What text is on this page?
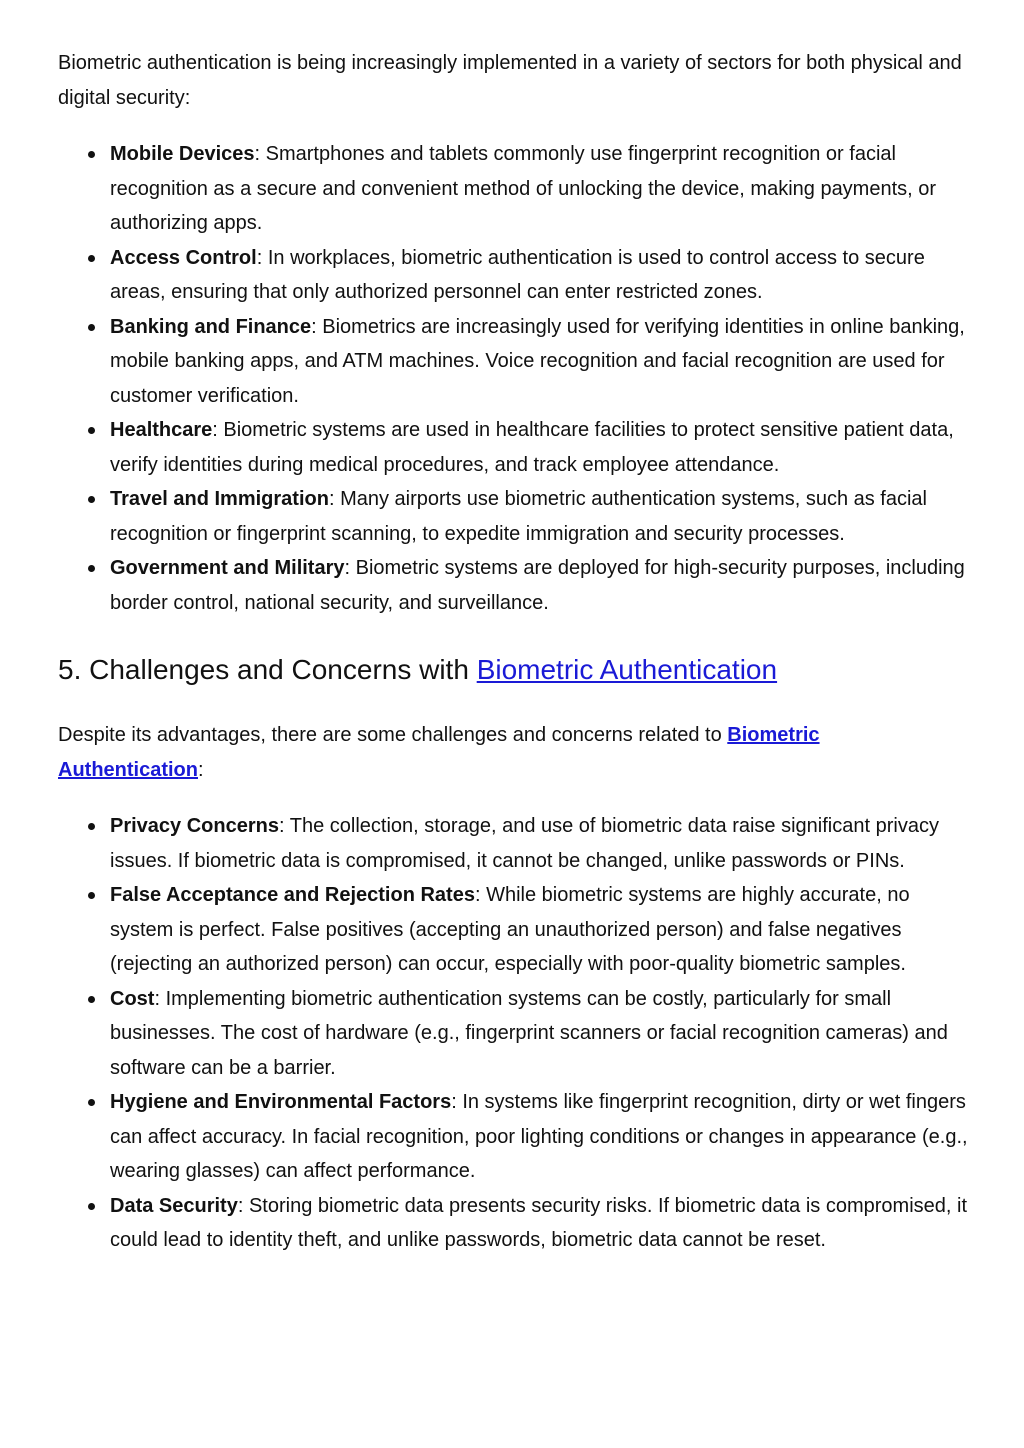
Biometric authentication is being increasingly implemented in a variety of sectors for both physical and digital security:

Mobile Devices: Smartphones and tablets commonly use fingerprint recognition or facial recognition as a secure and convenient method of unlocking the device, making payments, or authorizing apps.
Access Control: In workplaces, biometric authentication is used to control access to secure areas, ensuring that only authorized personnel can enter restricted zones.
Banking and Finance: Biometrics are increasingly used for verifying identities in online banking, mobile banking apps, and ATM machines. Voice recognition and facial recognition are used for customer verification.
Healthcare: Biometric systems are used in healthcare facilities to protect sensitive patient data, verify identities during medical procedures, and track employee attendance.
Travel and Immigration: Many airports use biometric authentication systems, such as facial recognition or fingerprint scanning, to expedite immigration and security processes.
Government and Military: Biometric systems are deployed for high-security purposes, including border control, national security, and surveillance.
5. Challenges and Concerns with Biometric Authentication

Despite its advantages, there are some challenges and concerns related to Biometric Authentication:

Privacy Concerns: The collection, storage, and use of biometric data raise significant privacy issues. If biometric data is compromised, it cannot be changed, unlike passwords or PINs.
False Acceptance and Rejection Rates: While biometric systems are highly accurate, no system is perfect. False positives (accepting an unauthorized person) and false negatives (rejecting an authorized person) can occur, especially with poor-quality biometric samples.
Cost: Implementing biometric authentication systems can be costly, particularly for small businesses. The cost of hardware (e.g., fingerprint scanners or facial recognition cameras) and software can be a barrier.
Hygiene and Environmental Factors: In systems like fingerprint recognition, dirty or wet fingers can affect accuracy. In facial recognition, poor lighting conditions or changes in appearance (e.g., wearing glasses) can affect performance.
Data Security: Storing biometric data presents security risks. If biometric data is compromised, it could lead to identity theft, and unlike passwords, biometric data cannot be reset.
